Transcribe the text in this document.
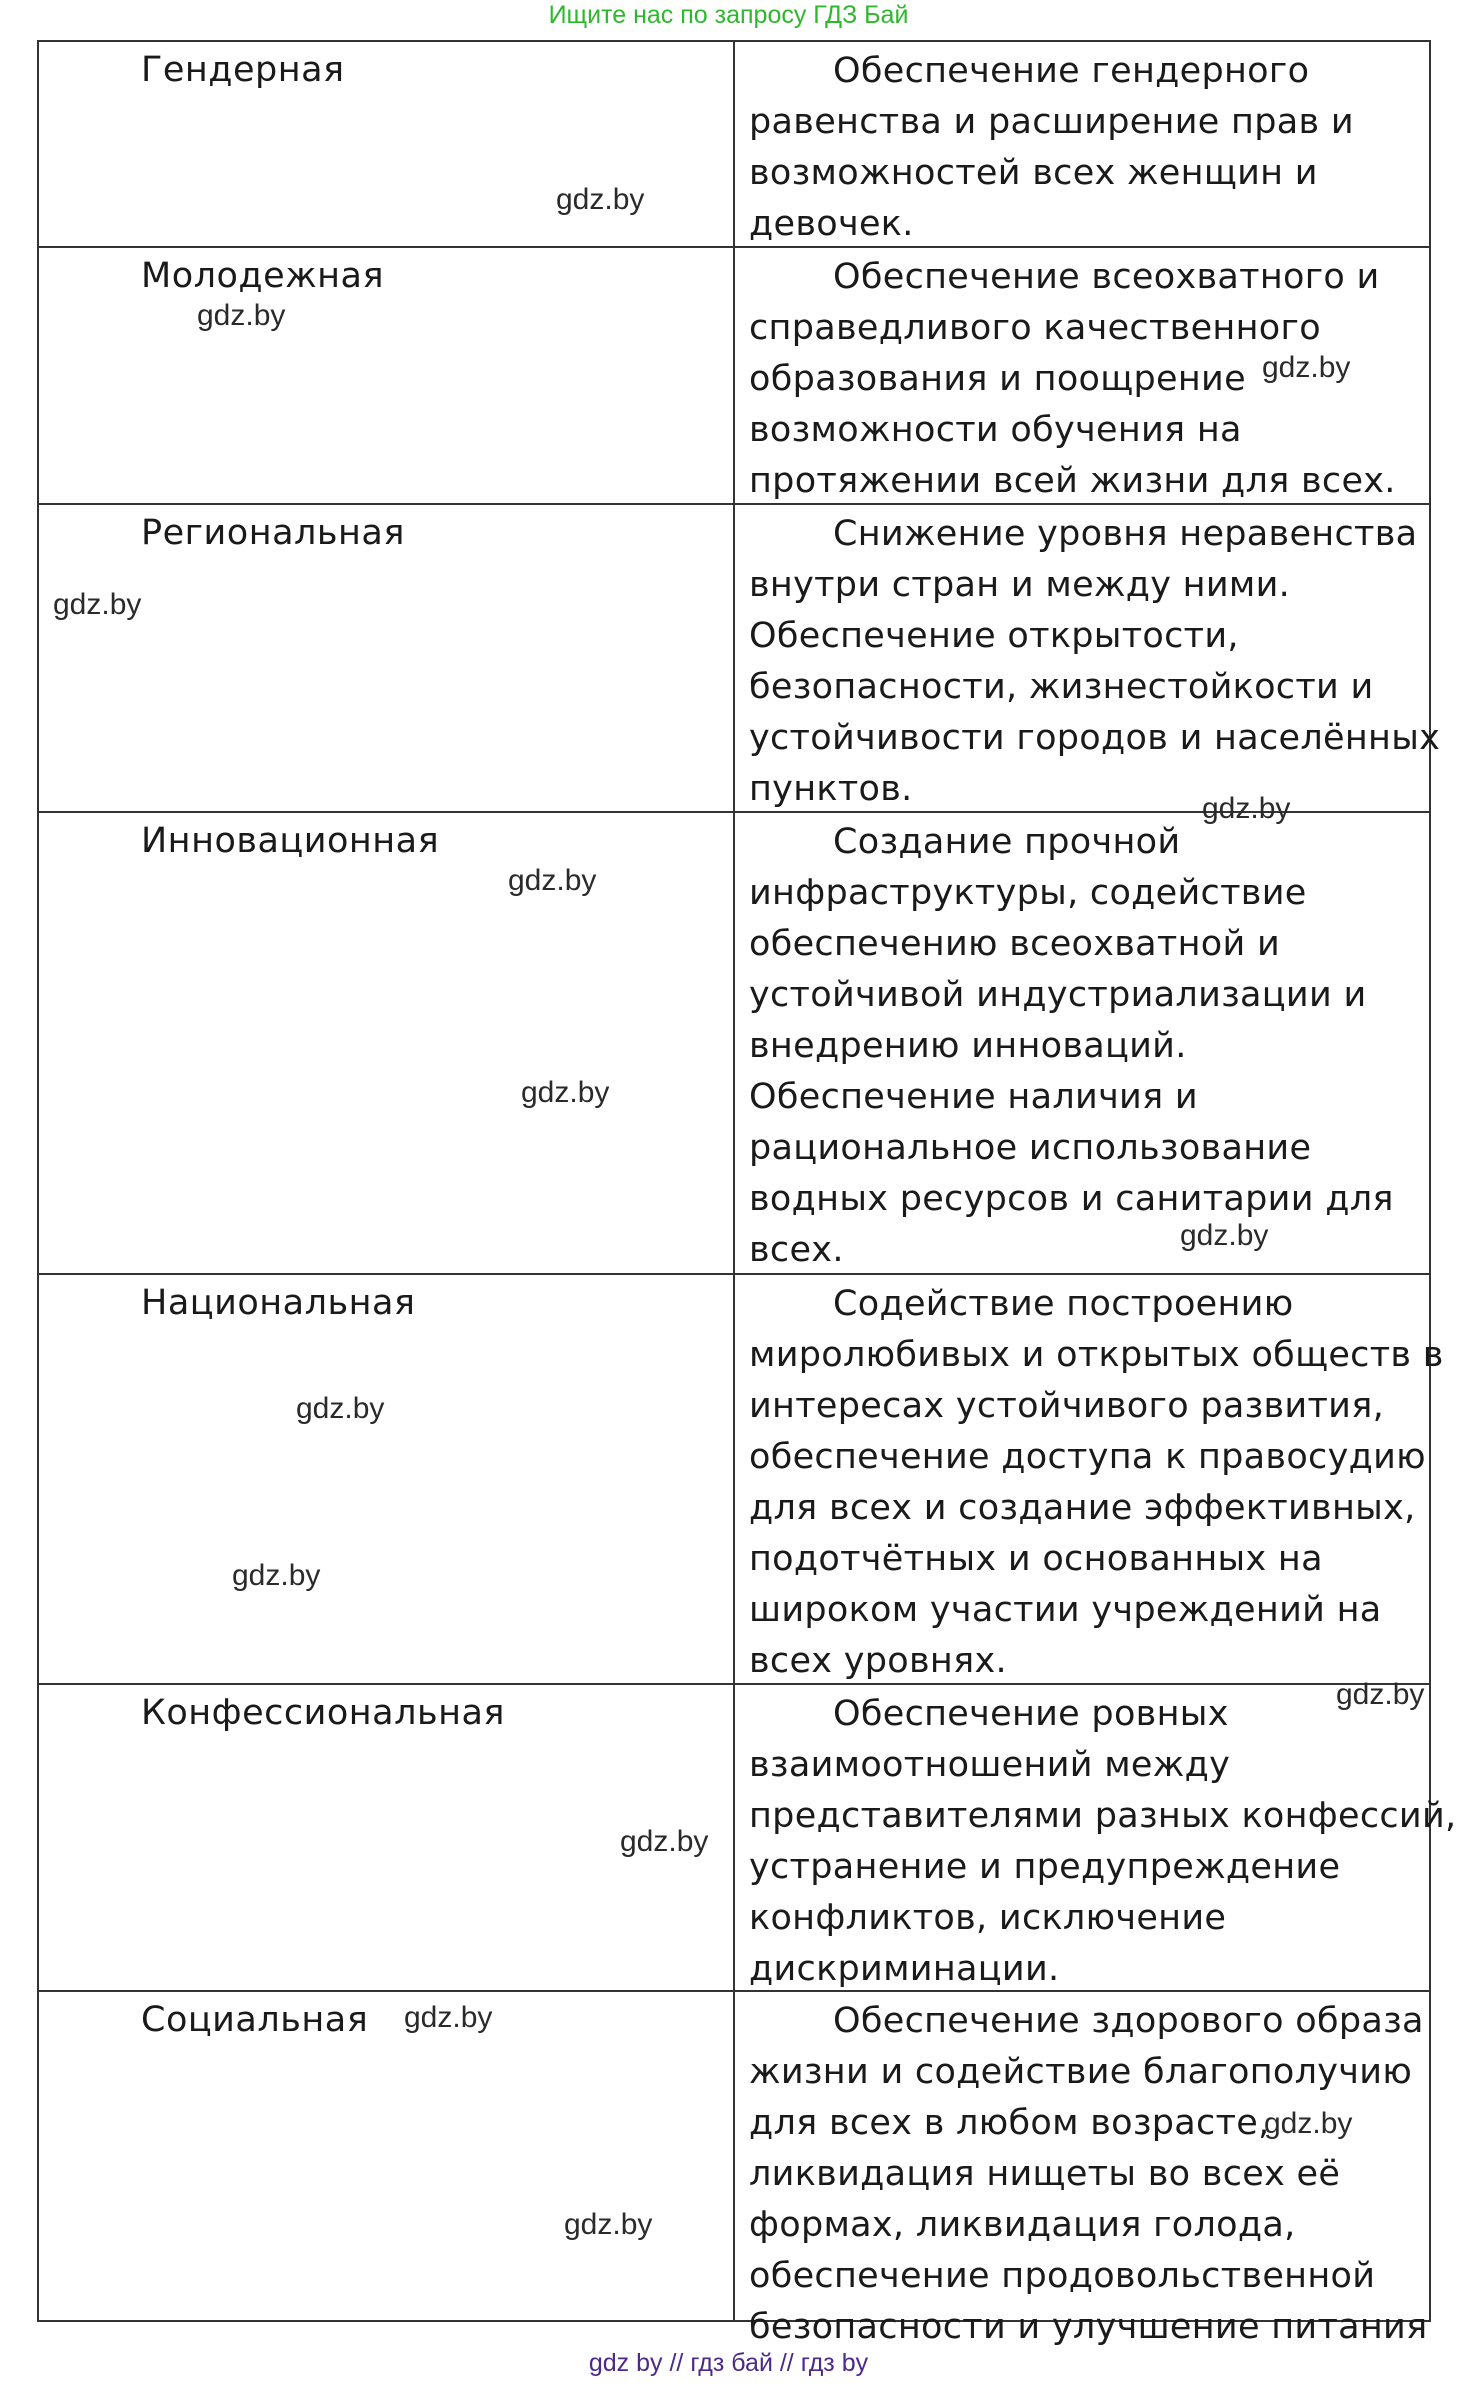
Ищите нас по запросу ГДЗ Бай
Гендерная	Обеспечение гендерного
равенства и расширение прав и
возможностей всех женщин и
девочек.
Молодежная	Обеспечение всеохватного и
справедливого качественного
образования и поощрение
возможности обучения на
протяжении всей жизни для всех.
Региональная	Снижение уровня неравенства
внутри стран и между ними.
Обеспечение открытости,
безопасности, жизнестойкости и
устойчивости городов и населённых
пунктов.
Инновационная	Создание прочной
инфраструктуры, содействие
обеспечению всеохватной и
устойчивой индустриализации и
внедрению инноваций.
Обеспечение наличия и
рациональное использование
водных ресурсов и санитарии для
всех.
Национальная	Содействие построению
миролюбивых и открытых обществ в
интересах устойчивого развития,
обеспечение доступа к правосудию
для всех и создание эффективных,
подотчётных и основанных на
широком участии учреждений на
всех уровнях.
Конфессиональная	Обеспечение ровных
взаимоотношений между
представителями разных конфессий,
устранение и предупреждение
конфликтов, исключение
дискриминации.
Социальная	Обеспечение здорового образа
жизни и содействие благополучию
для всех в любом возрасте,
ликвидация нищеты во всех её
формах, ликвидация голода,
обеспечение продовольственной
безопасности и улучшение питания
gdz.by
gdz.by
gdz.by
gdz.by
gdz.by
gdz.by
gdz.by
gdz.by
gdz.by
gdz.by
gdz.by
gdz.by
gdz.by
gdz.by
gdz.by
gdz by // гдз бай // гдз by
